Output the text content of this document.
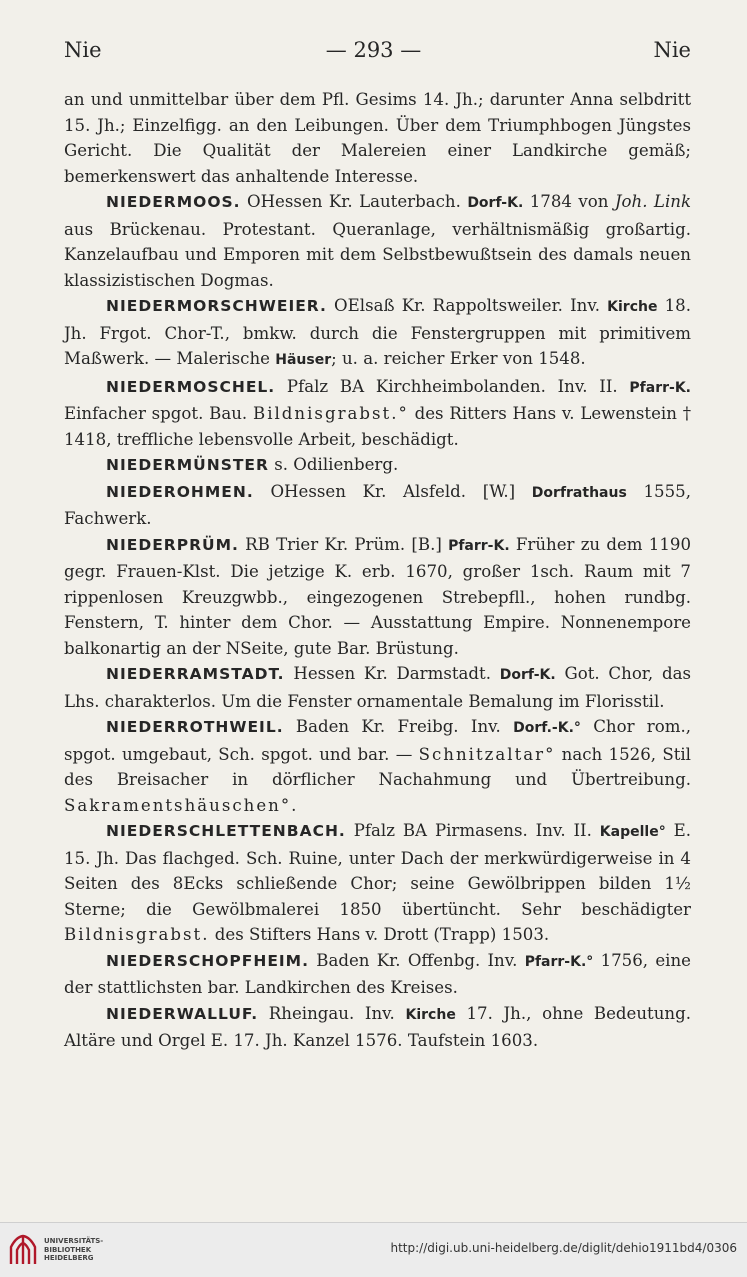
Nie	— 293 —	Nie

an und unmittelbar über dem Pfl. Gesims 14. Jh.; darunter Anna selbdritt 15. Jh.; Einzelfigg. an den Leibungen. Über dem Triumphbogen Jüngstes Gericht. Die Qualität der Malereien einer Landkirche gemäß; bemerkenswert das anhaltende Interesse.

NIEDERMOOS. OHessen Kr. Lauterbach. Dorf-K. 1784 von Joh. Link aus Brückenau. Protestant. Queranlage, verhältnismäßig großartig. Kanzelaufbau und Emporen mit dem Selbstbewußtsein des damals neuen klassizistischen Dogmas.

NIEDERMORSCHWEIER. OElsaß Kr. Rappoltsweiler. Inv. Kirche 18. Jh. Frgot. Chor-T., bmkw. durch die Fenstergruppen mit primitivem Maßwerk. — Malerische Häuser; u. a. reicher Erker von 1548.

NIEDERMOSCHEL. Pfalz BA Kirchheimbolanden. Inv. II. Pfarr-K. Einfacher spgot. Bau. Bildnisgrabst.° des Ritters Hans v. Lewenstein † 1418, treffliche lebensvolle Arbeit, beschädigt.

NIEDERMÜNSTER s. Odilienberg.

NIEDEROHMEN. OHessen Kr. Alsfeld. [W.] Dorfrathaus 1555, Fachwerk.

NIEDERPRÜM. RB Trier Kr. Prüm. [B.] Pfarr-K. Früher zu dem 1190 gegr. Frauen-Klst. Die jetzige K. erb. 1670, großer 1sch. Raum mit 7 rippenlosen Kreuzgwbb., eingezogenen Strebepfll., hohen rundbg. Fenstern, T. hinter dem Chor. — Ausstattung Empire. Nonnenempore balkonartig an der NSeite, gute Bar. Brüstung.

NIEDERRAMSTADT. Hessen Kr. Darmstadt. Dorf-K. Got. Chor, das Lhs. charakterlos. Um die Fenster ornamentale Bemalung im Florisstil.

NIEDERROTHWEIL. Baden Kr. Freibg. Inv. Dorf.-K.° Chor rom., spgot. umgebaut, Sch. spgot. und bar. — Schnitzaltar° nach 1526, Stil des Breisacher in dörflicher Nachahmung und Übertreibung. Sakramentshäuschen°.

NIEDERSCHLETTENBACH. Pfalz BA Pirmasens. Inv. II. Kapelle° E. 15. Jh. Das flachged. Sch. Ruine, unter Dach der merkwürdigerweise in 4 Seiten des 8Ecks schließende Chor; seine Gewölbrippen bilden 1½ Sterne; die Gewölbmalerei 1850 übertüncht. Sehr beschädigter Bildnisgrabst. des Stifters Hans v. Drott (Trapp) 1503.

NIEDERSCHOPFHEIM. Baden Kr. Offenbg. Inv. Pfarr-K.° 1756, eine der stattlichsten bar. Landkirchen des Kreises.

NIEDERWALLUF. Rheingau. Inv. Kirche 17. Jh., ohne Bedeutung. Altäre und Orgel E. 17. Jh. Kanzel 1576. Taufstein 1603.

UNIVERSITÄTS-
BIBLIOTHEK
HEIDELBERG
http://digi.ub.uni-heidelberg.de/diglit/dehio1911bd4/0306
